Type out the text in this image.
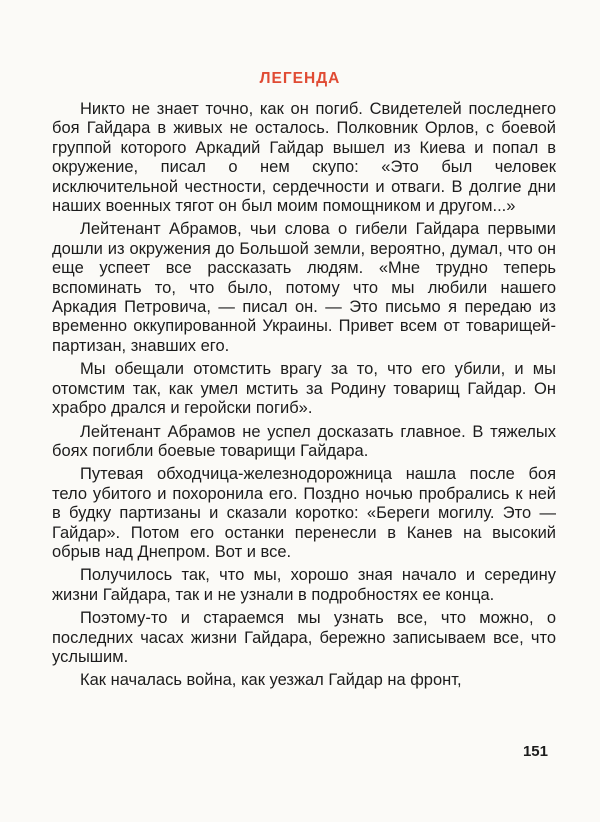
ЛЕГЕНДА

Никто не знает точно, как он погиб. Свидетелей последнего боя Гайдара в живых не осталось. Полковник Орлов, с боевой группой которого Аркадий Гайдар вышел из Киева и попал в окружение, писал о нем скупо: «Это был человек исключительной честности, сердечности и отваги. В долгие дни наших военных тягот он был моим помощником и другом...»

Лейтенант Абрамов, чьи слова о гибели Гайдара первыми дошли из окружения до Большой земли, вероятно, думал, что он еще успеет все рассказать людям. «Мне трудно теперь вспоминать то, что было, потому что мы любили нашего Аркадия Петровича, — писал он. — Это письмо я передаю из временно оккупированной Украины. Привет всем от товарищей-партизан, знавших его.

Мы обещали отомстить врагу за то, что его убили, и мы отомстим так, как умел мстить за Родину товарищ Гайдар. Он храбро дрался и геройски погиб».

Лейтенант Абрамов не успел досказать главное. В тяжелых боях погибли боевые товарищи Гайдара.

Путевая обходчица-железнодорожница нашла после боя тело убитого и похоронила его. Поздно ночью пробрались к ней в будку партизаны и сказали коротко: «Береги могилу. Это — Гайдар». Потом его останки перенесли в Канев на высокий обрыв над Днепром. Вот и все.

Получилось так, что мы, хорошо зная начало и середину жизни Гайдара, так и не узнали в подробностях ее конца.

Поэтому-то и стараемся мы узнать все, что можно, о последних часах жизни Гайдара, бережно записываем все, что услышим.

Как началась война, как уезжал Гайдар на фронт,

151
